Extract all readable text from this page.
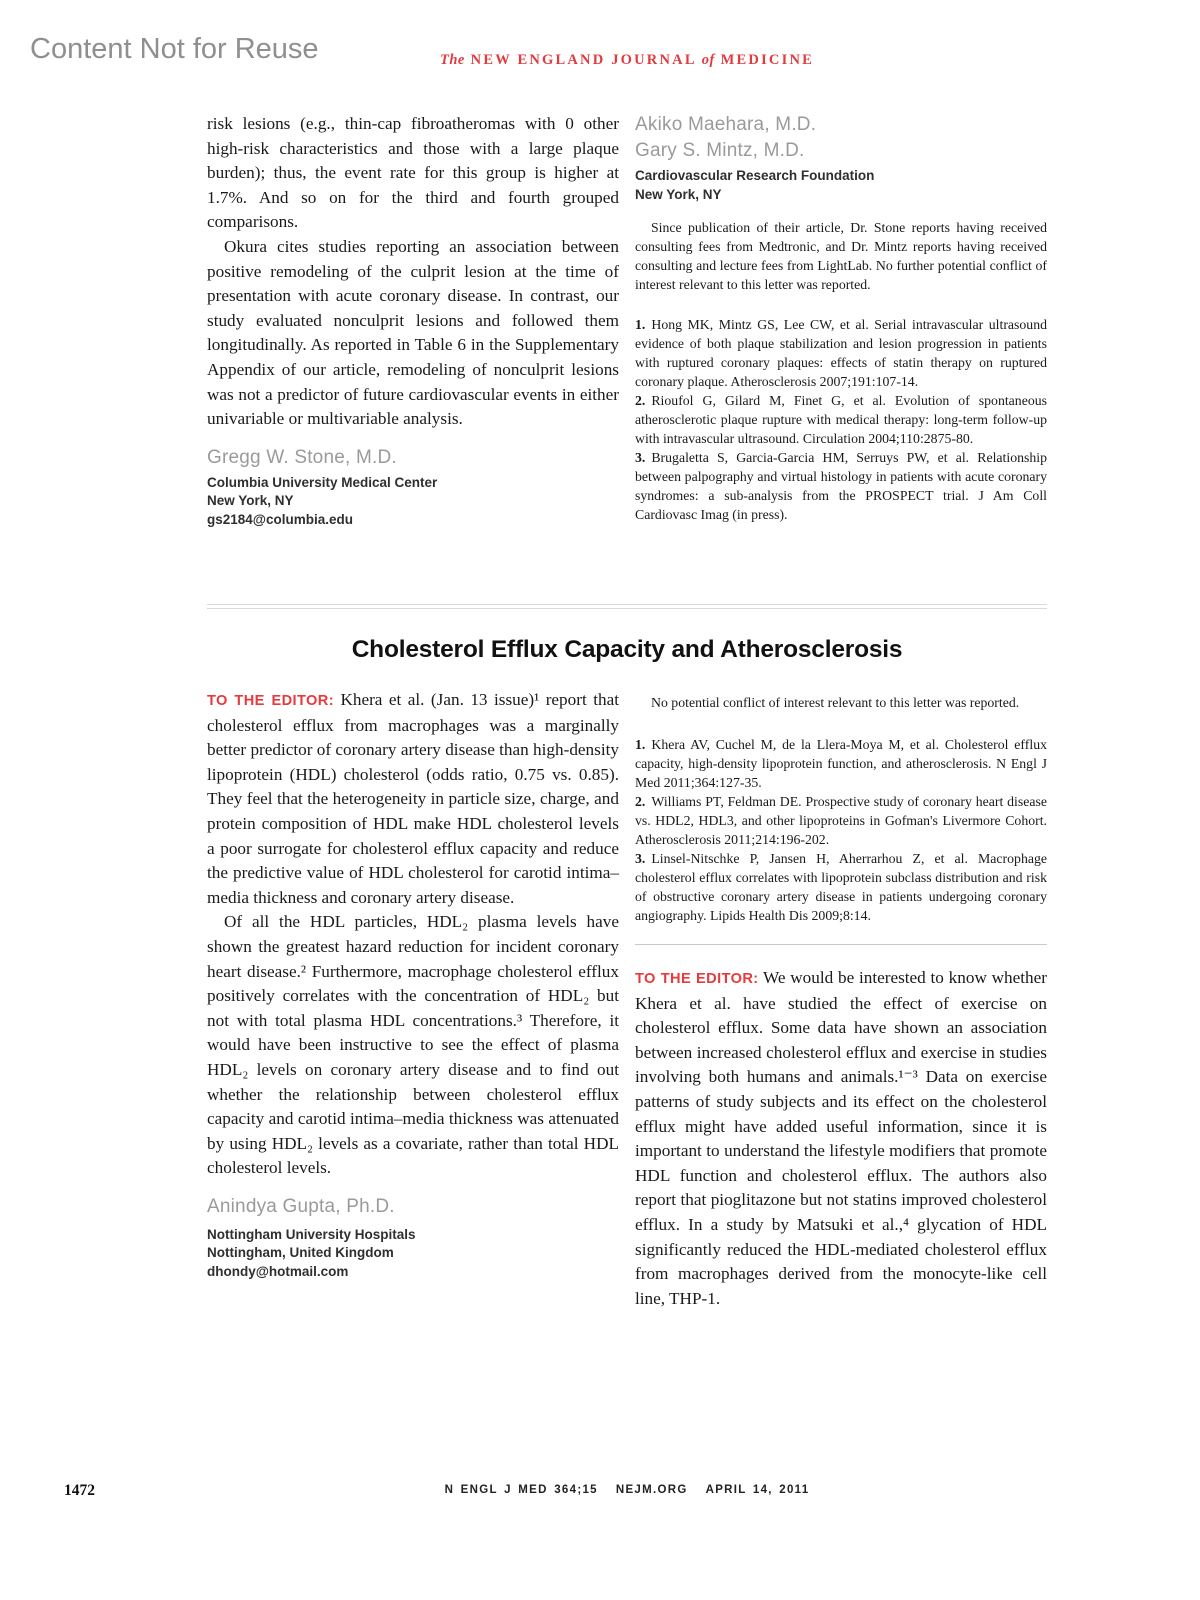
Content Not for Reuse	The NEW ENGLAND JOURNAL of MEDICINE

risk lesions (e.g., thin-cap fibroatheromas with 0 other high-risk characteristics and those with a large plaque burden); thus, the event rate for this group is higher at 1.7%. And so on for the third and fourth grouped comparisons.

Okura cites studies reporting an association between positive remodeling of the culprit lesion at the time of presentation with acute coronary disease. In contrast, our study evaluated nonculprit lesions and followed them longitudinally. As reported in Table 6 in the Supplementary Appendix of our article, remodeling of nonculprit lesions was not a predictor of future cardiovascular events in either univariable or multivariable analysis.

Gregg W. Stone, M.D.
Columbia University Medical Center
New York, NY
gs2184@columbia.edu
Akiko Maehara, M.D.
Gary S. Mintz, M.D.
Cardiovascular Research Foundation
New York, NY

Since publication of their article, Dr. Stone reports having received consulting fees from Medtronic, and Dr. Mintz reports having received consulting and lecture fees from LightLab. No further potential conflict of interest relevant to this letter was reported.

1. Hong MK, Mintz GS, Lee CW, et al. Serial intravascular ultrasound evidence of both plaque stabilization and lesion progression in patients with ruptured coronary plaques: effects of statin therapy on ruptured coronary plaque. Atherosclerosis 2007;191:107-14.

2. Rioufol G, Gilard M, Finet G, et al. Evolution of spontaneous atherosclerotic plaque rupture with medical therapy: long-term follow-up with intravascular ultrasound. Circulation 2004;110:2875-80.

3. Brugaletta S, Garcia-Garcia HM, Serruys PW, et al. Relationship between palpography and virtual histology in patients with acute coronary syndromes: a sub-analysis from the PROSPECT trial. J Am Coll Cardiovasc Imag (in press).

Cholesterol Efflux Capacity and Atherosclerosis

TO THE EDITOR: Khera et al. (Jan. 13 issue)¹ report that cholesterol efflux from macrophages was a marginally better predictor of coronary artery disease than high-density lipoprotein (HDL) cholesterol (odds ratio, 0.75 vs. 0.85). They feel that the heterogeneity in particle size, charge, and protein composition of HDL make HDL cholesterol levels a poor surrogate for cholesterol efflux capacity and reduce the predictive value of HDL cholesterol for carotid intima–media thickness and coronary artery disease.

Of all the HDL particles, HDL₂ plasma levels have shown the greatest hazard reduction for incident coronary heart disease.² Furthermore, macrophage cholesterol efflux positively correlates with the concentration of HDL₂ but not with total plasma HDL concentrations.³ Therefore, it would have been instructive to see the effect of plasma HDL₂ levels on coronary artery disease and to find out whether the relationship between cholesterol efflux capacity and carotid intima–media thickness was attenuated by using HDL₂ levels as a covariate, rather than total HDL cholesterol levels.

Anindya Gupta, Ph.D.
Nottingham University Hospitals
Nottingham, United Kingdom
dhondy@hotmail.com

No potential conflict of interest relevant to this letter was reported.

1. Khera AV, Cuchel M, de la Llera-Moya M, et al. Cholesterol efflux capacity, high-density lipoprotein function, and atherosclerosis. N Engl J Med 2011;364:127-35.

2. Williams PT, Feldman DE. Prospective study of coronary heart disease vs. HDL2, HDL3, and other lipoproteins in Gofman's Livermore Cohort. Atherosclerosis 2011;214:196-202.

3. Linsel-Nitschke P, Jansen H, Aherrarhou Z, et al. Macrophage cholesterol efflux correlates with lipoprotein subclass distribution and risk of obstructive coronary artery disease in patients undergoing coronary angiography. Lipids Health Dis 2009;8:14.

TO THE EDITOR: We would be interested to know whether Khera et al. have studied the effect of exercise on cholesterol efflux. Some data have shown an association between increased cholesterol efflux and exercise in studies involving both humans and animals.¹⁻³ Data on exercise patterns of study subjects and its effect on the cholesterol efflux might have added useful information, since it is important to understand the lifestyle modifiers that promote HDL function and cholesterol efflux. The authors also report that pioglitazone but not statins improved cholesterol efflux. In a study by Matsuki et al.,⁴ glycation of HDL significantly reduced the HDL-mediated cholesterol efflux from macrophages derived from the monocyte-like cell line, THP-1.

1472	N ENGL J MED 364;15 NEJM.ORG APRIL 14, 2011
